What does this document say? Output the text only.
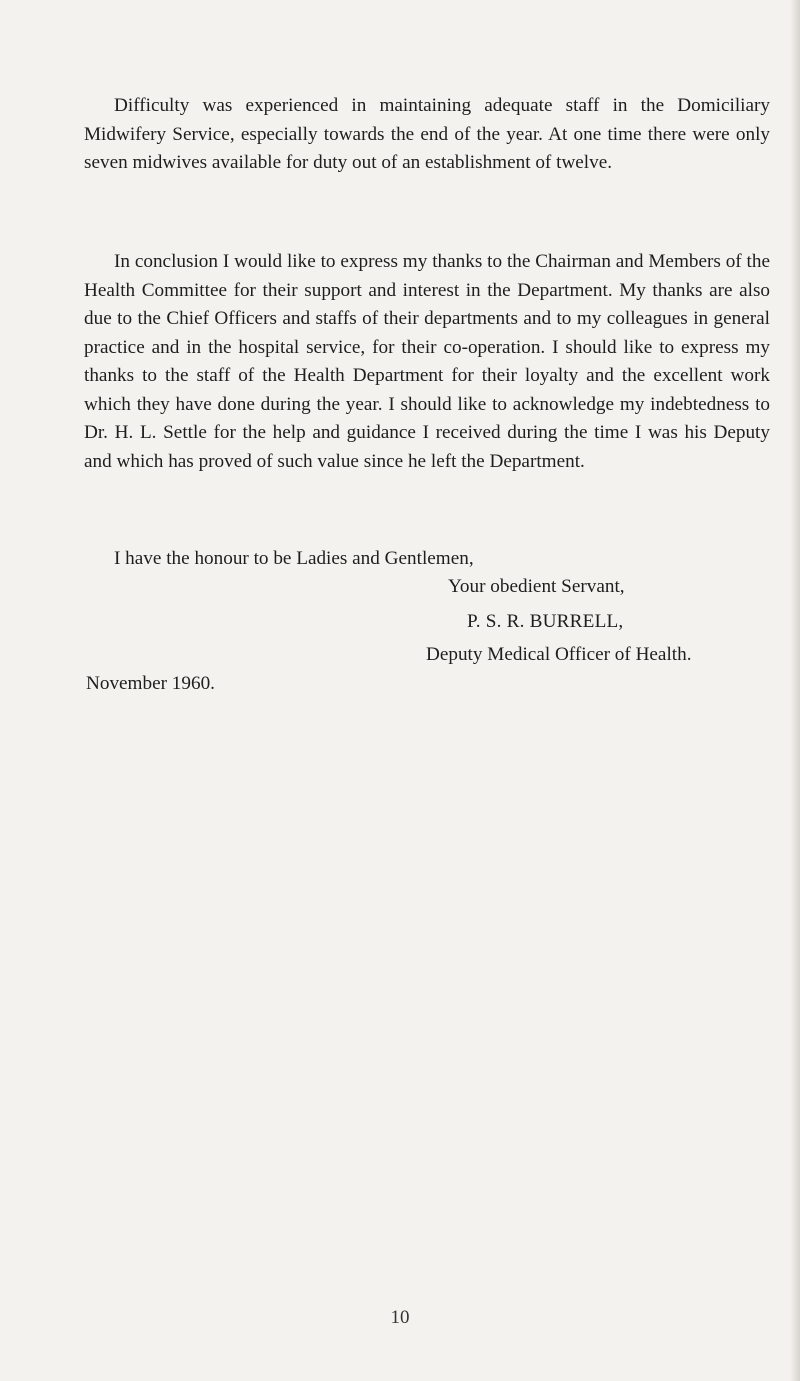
Difficulty was experienced in maintaining adequate staff in the Domiciliary Midwifery Service, especially towards the end of the year. At one time there were only seven midwives available for duty out of an establishment of twelve.

In conclusion I would like to express my thanks to the Chairman and Members of the Health Committee for their support and interest in the Department. My thanks are also due to the Chief Officers and staffs of their departments and to my colleagues in general practice and in the hospital service, for their co-operation. I should like to express my thanks to the staff of the Health Department for their loyalty and the excellent work which they have done during the year. I should like to acknowledge my indebtedness to Dr. H. L. Settle for the help and guidance I received during the time I was his Deputy and which has proved of such value since he left the Department.

I have the honour to be Ladies and Gentlemen,

Your obedient Servant,
P. S. R. BURRELL,
Deputy Medical Officer of Health.
November 1960.
10
